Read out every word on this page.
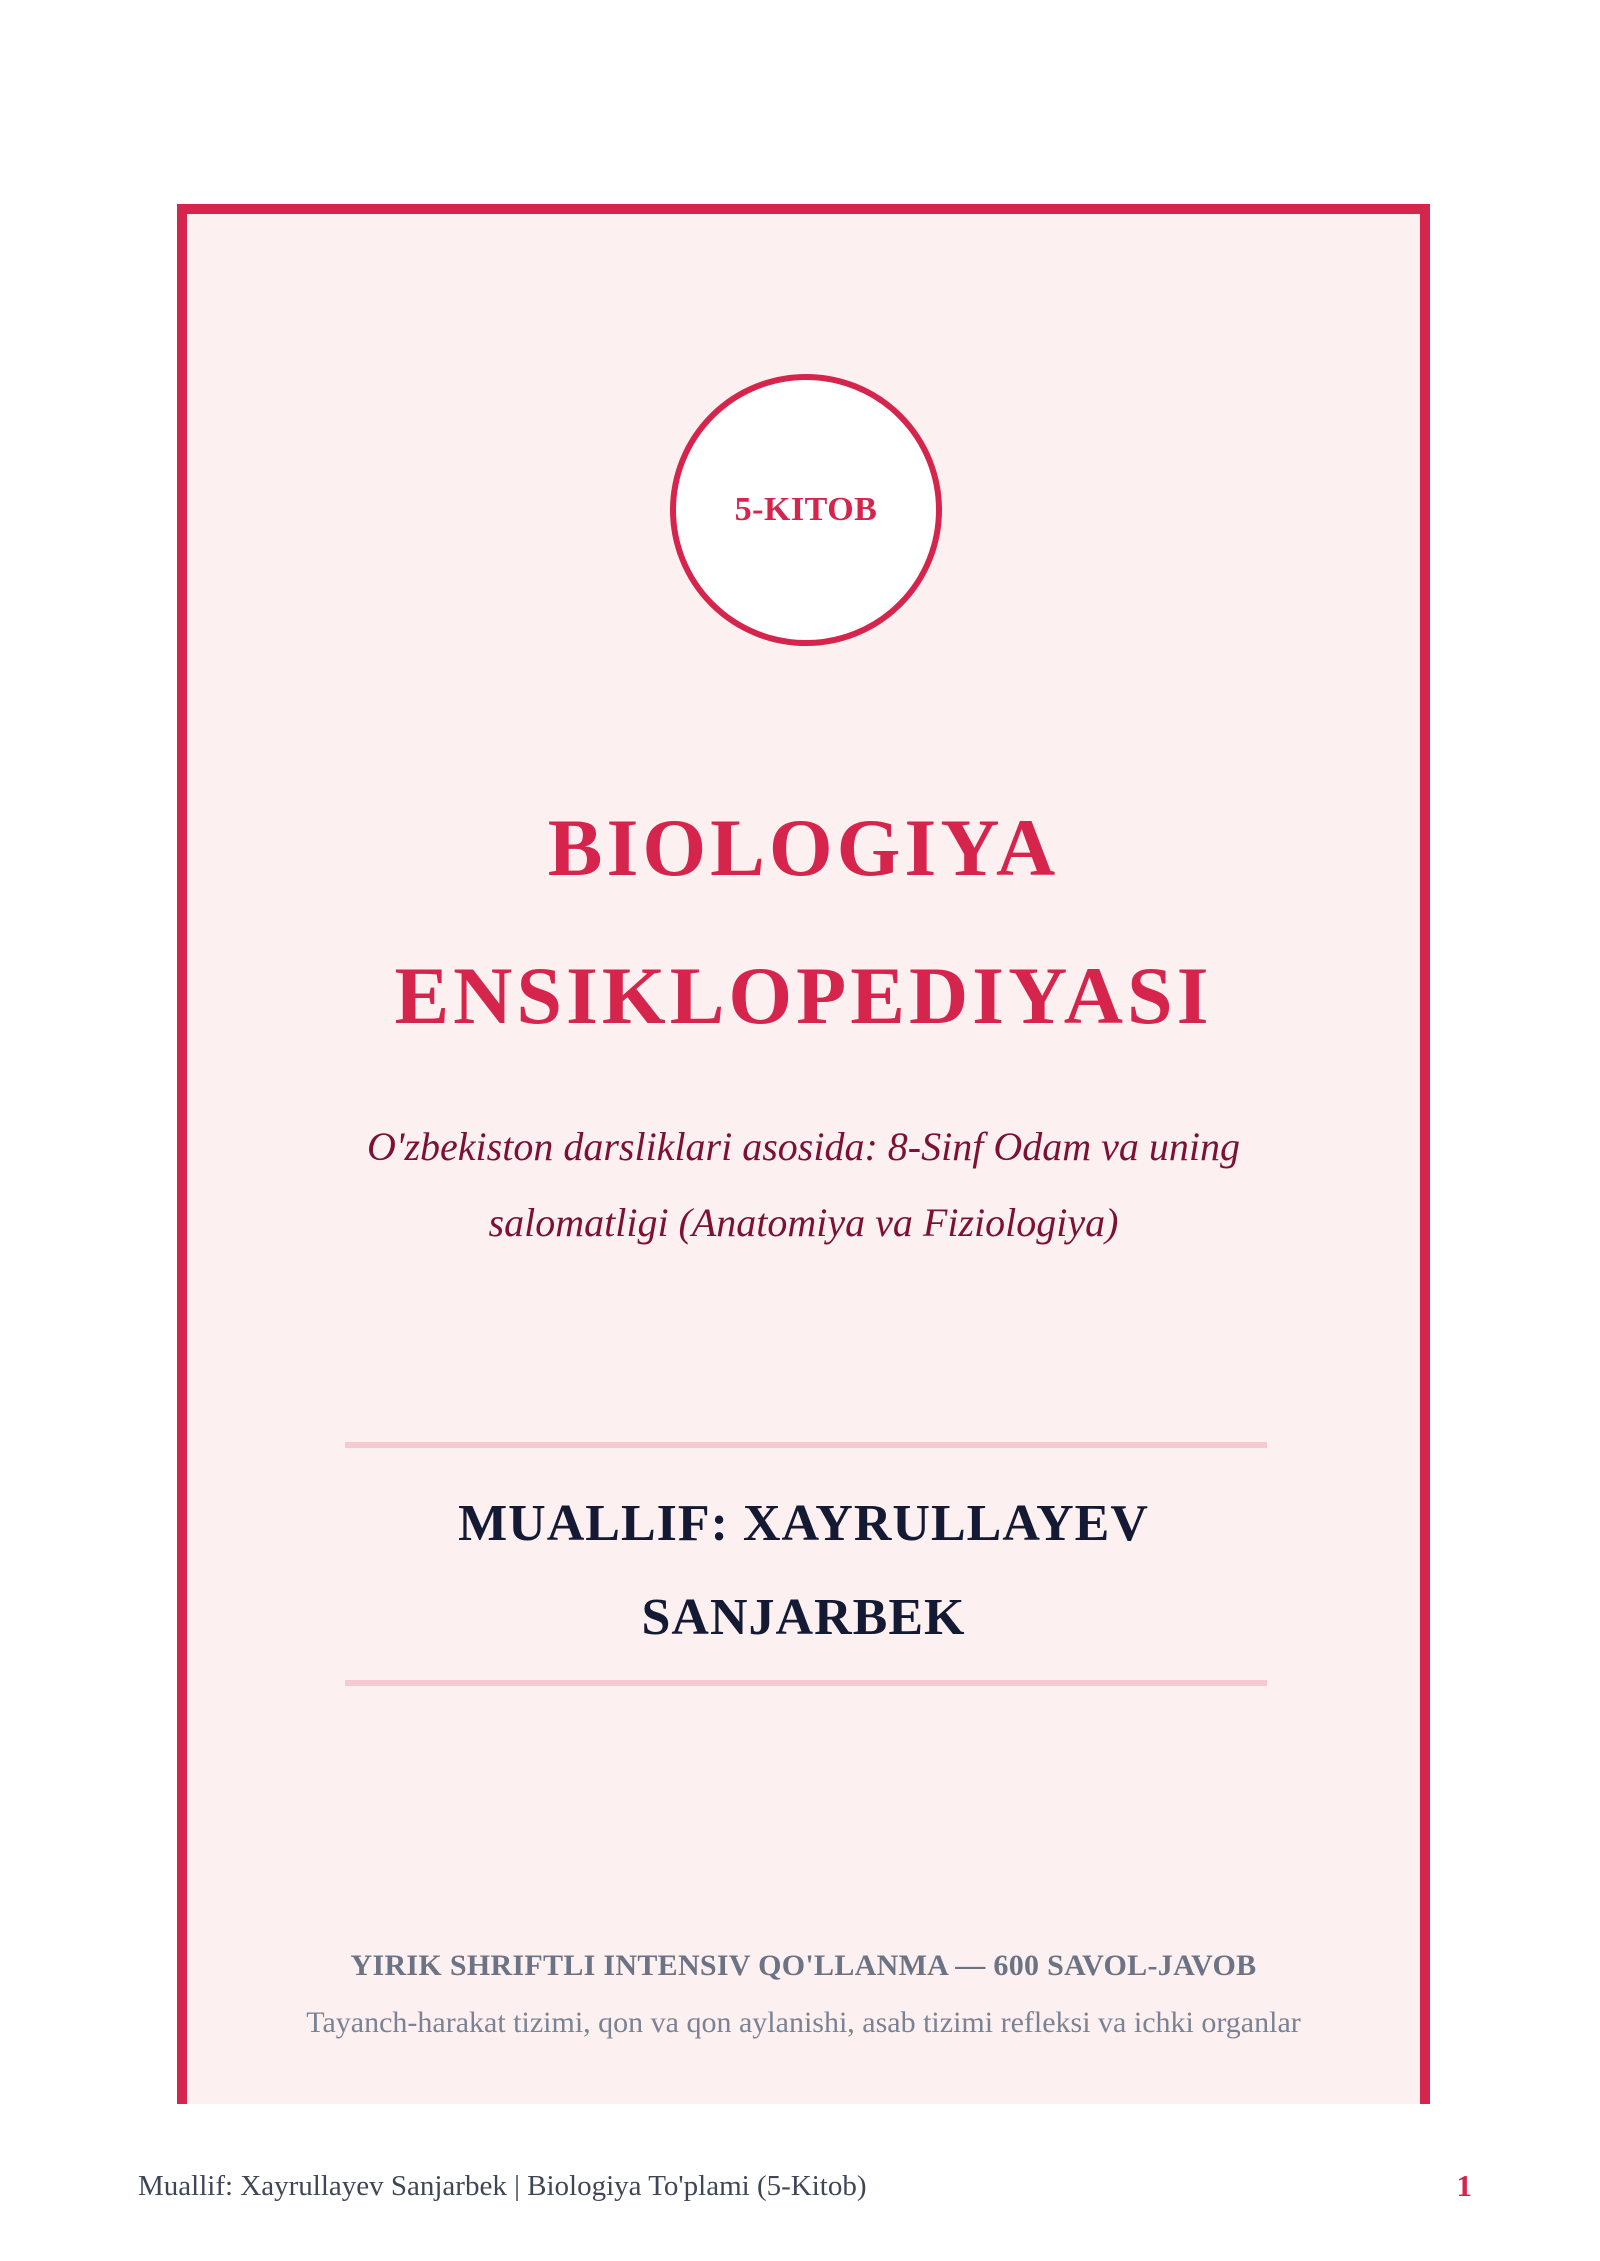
5-KITOB
BIOLOGIYA
ENSIKLOPEDIYASI
O'zbekiston darsliklari asosida: 8-Sinf Odam va uning salomatligi (Anatomiya va Fiziologiya)
MUALLIF: XAYRULLAYEV
SANJARBEK
YIRIK SHRIFTLI INTENSIV QO'LLANMA — 600 SAVOL-JAVOB
Tayanch-harakat tizimi, qon va qon aylanishi, asab tizimi refleksi va ichki organlar
Muallif: Xayrullayev Sanjarbek | Biologiya To'plami (5-Kitob)	1
